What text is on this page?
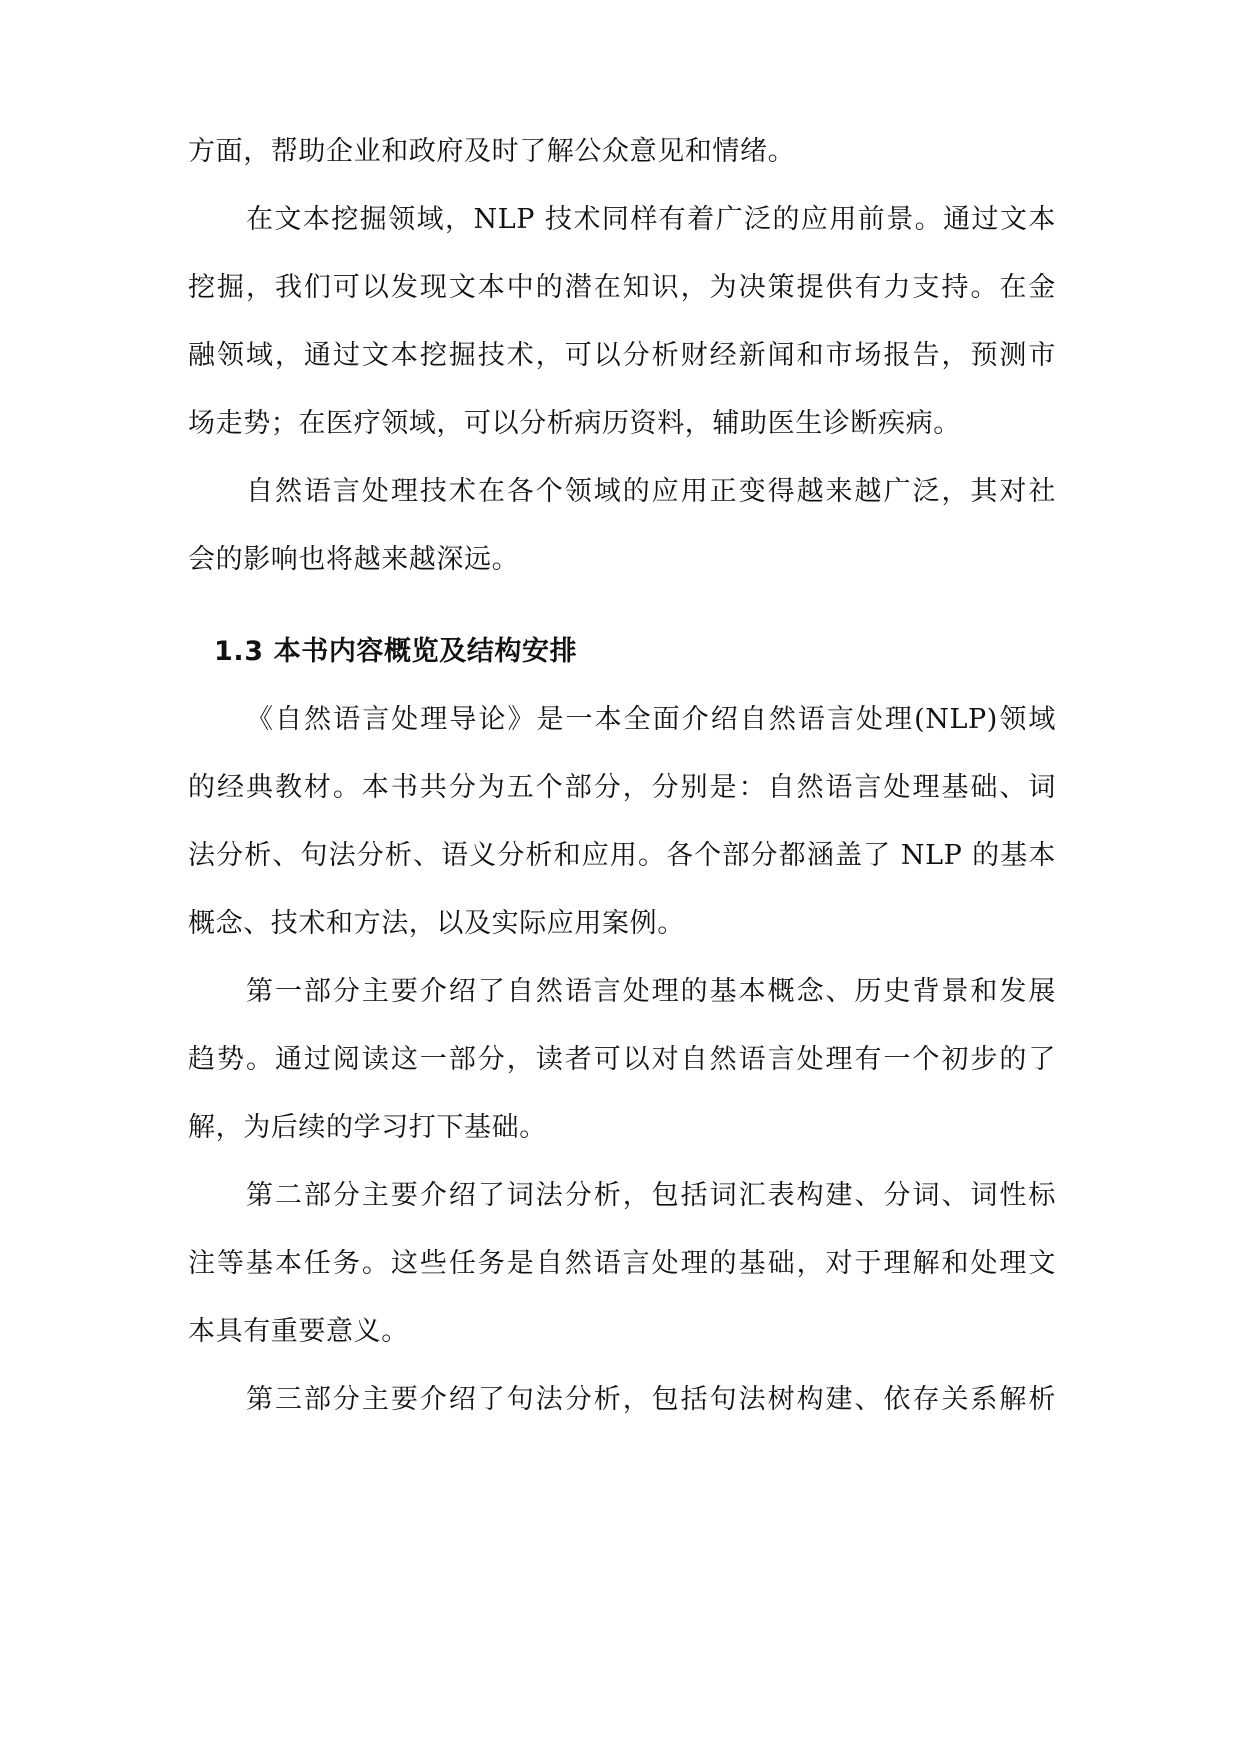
方面，帮助企业和政府及时了解公众意见和情绪。
在文本挖掘领域，NLP 技术同样有着广泛的应用前景。通过文本
挖掘，我们可以发现文本中的潜在知识，为决策提供有力支持。在金
融领域，通过文本挖掘技术，可以分析财经新闻和市场报告，预测市
场走势；在医疗领域，可以分析病历资料，辅助医生诊断疾病。
自然语言处理技术在各个领域的应用正变得越来越广泛，其对社
会的影响也将越来越深远。
1.3 本书内容概览及结构安排
《自然语言处理导论》是一本全面介绍自然语言处理(NLP)领域
的经典教材。本书共分为五个部分，分别是：自然语言处理基础、词
法分析、句法分析、语义分析和应用。各个部分都涵盖了 NLP 的基本
概念、技术和方法，以及实际应用案例。
第一部分主要介绍了自然语言处理的基本概念、历史背景和发展
趋势。通过阅读这一部分，读者可以对自然语言处理有一个初步的了
解，为后续的学习打下基础。
第二部分主要介绍了词法分析，包括词汇表构建、分词、词性标
注等基本任务。这些任务是自然语言处理的基础，对于理解和处理文
本具有重要意义。
第三部分主要介绍了句法分析，包括句法树构建、依存关系解析
